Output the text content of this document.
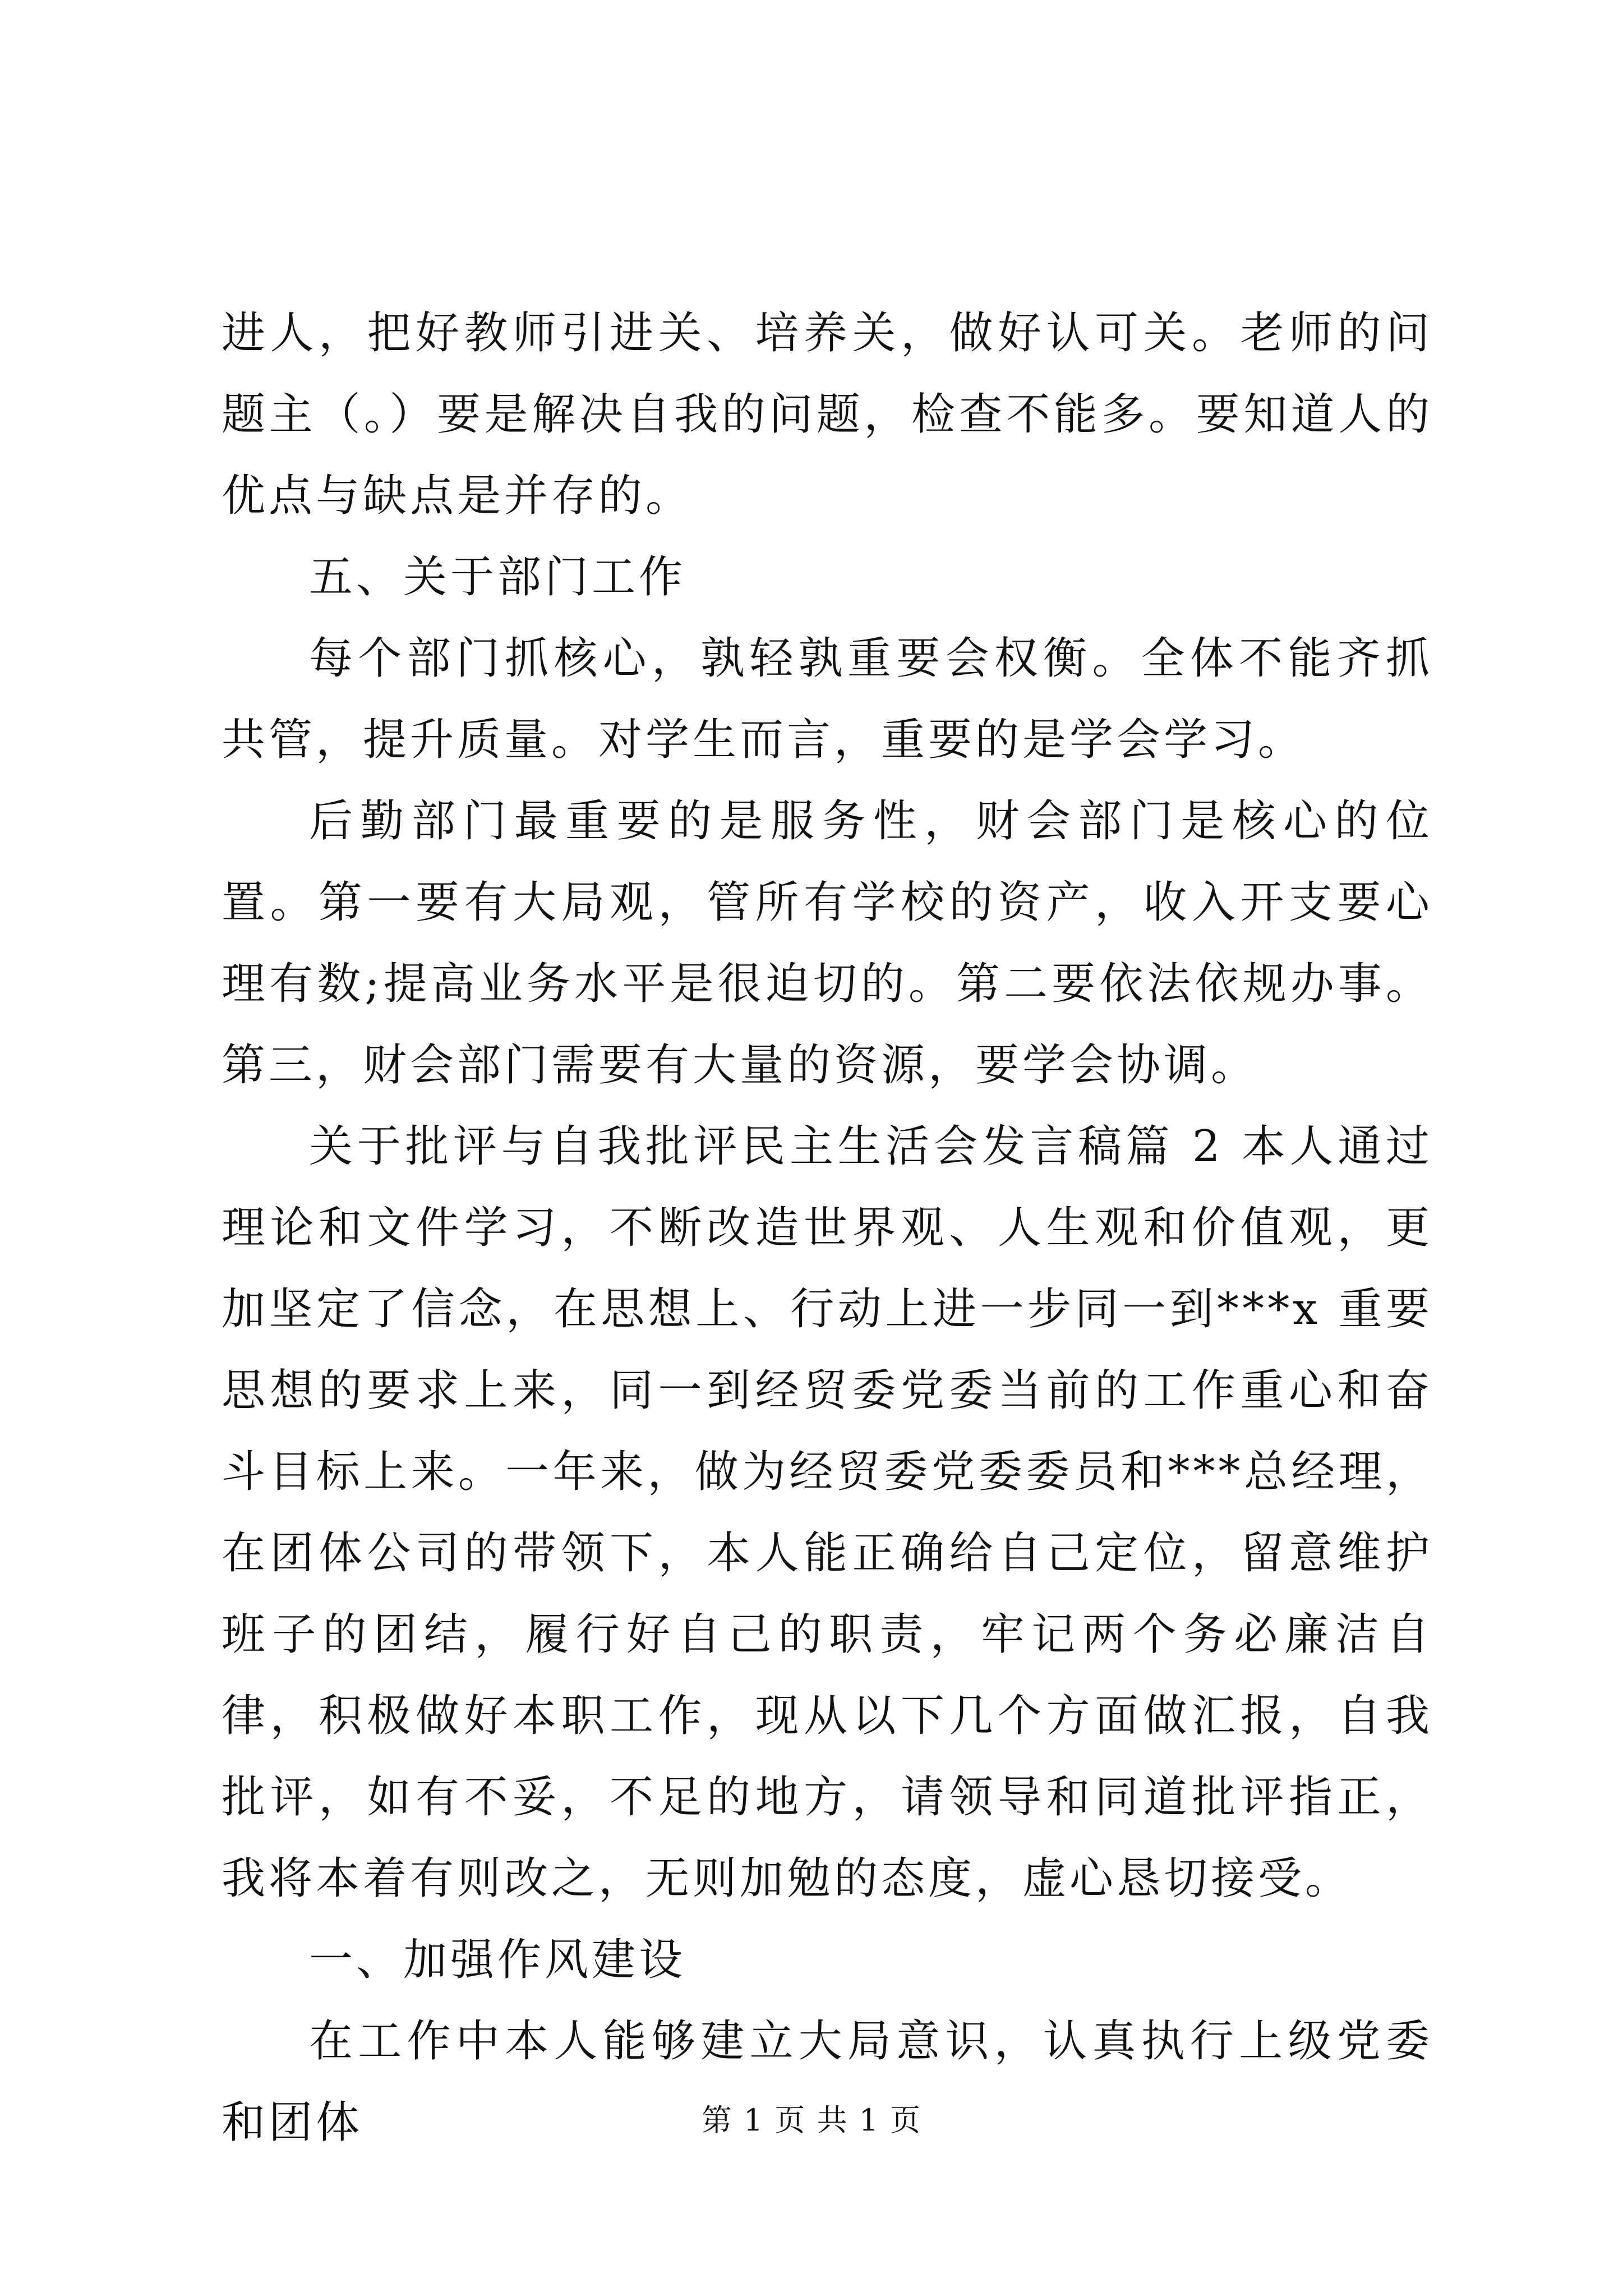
进人，把好教师引进关、培养关，做好认可关。老师的问题主（。）要是解决自我的问题，检查不能多。要知道人的优点与缺点是并存的。

五、关于部门工作

每个部门抓核心，孰轻孰重要会权衡。全体不能齐抓共管，提升质量。对学生而言，重要的是学会学习。

后勤部门最重要的是服务性，财会部门是核心的位置。第一要有大局观，管所有学校的资产，收入开支要心理有数;提高业务水平是很迫切的。第二要依法依规办事。第三，财会部门需要有大量的资源，要学会协调。

关于批评与自我批评民主生活会发言稿篇 2 本人通过理论和文件学习，不断改造世界观、人生观和价值观，更加坚定了信念，在思想上、行动上进一步同一到***x 重要思想的要求上来，同一到经贸委党委当前的工作重心和奋斗目标上来。一年来，做为经贸委党委委员和***总经理，在团体公司的带领下，本人能正确给自己定位，留意维护班子的团结，履行好自己的职责，牢记两个务必廉洁自律，积极做好本职工作，现从以下几个方面做汇报，自我批评，如有不妥，不足的地方，请领导和同道批评指正，我将本着有则改之，无则加勉的态度，虚心恳切接受。

一、加强作风建设

在工作中本人能够建立大局意识，认真执行上级党委和团体	第 1 页 共 1 页
